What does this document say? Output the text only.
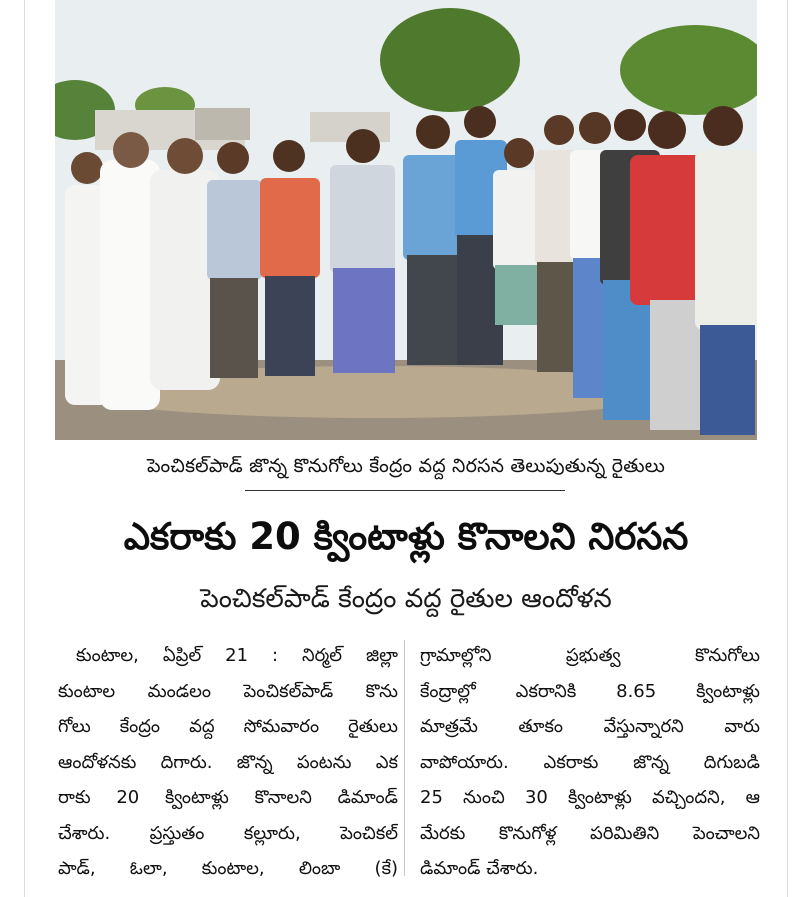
పెంచికల్‌పాడ్ జొన్న కొనుగోలు కేంద్రం వద్ద నిరసన తెలుపుతున్న రైతులు
ఎకరాకు 20 క్వింటాళ్లు కొనాలని నిరసన
పెంచికల్‌పాడ్ కేంద్రం వద్ద రైతుల ఆందోళన
కుంటాల, ఏప్రిల్ 21 : నిర్మల్ జిల్లా
కుంటాల మండలం పెంచికల్‌పాడ్ కొను
గోలు కేంద్రం వద్ద సోమవారం రైతులు
ఆందోళనకు దిగారు. జొన్న పంటను ఎక
రాకు 20 క్వింటాళ్లు కొనాలని డిమాండ్
చేశారు. ప్రస్తుతం కల్లూరు, పెంచికల్
పాడ్, ఓలా, కుంటాల, లింబా (కే)
గ్రామాల్లోని ప్రభుత్వ కొనుగోలు
కేంద్రాల్లో ఎకరానికి 8.65 క్వింటాళ్లు
మాత్రమే తూకం వేస్తున్నారని వారు
వాపోయారు. ఎకరాకు జొన్న దిగుబడి
25 నుంచి 30 క్వింటాళ్లు వచ్చిందని, ఆ
మేరకు కొనుగోళ్ల పరిమితిని పెంచాలని
డిమాండ్ చేశారు.
